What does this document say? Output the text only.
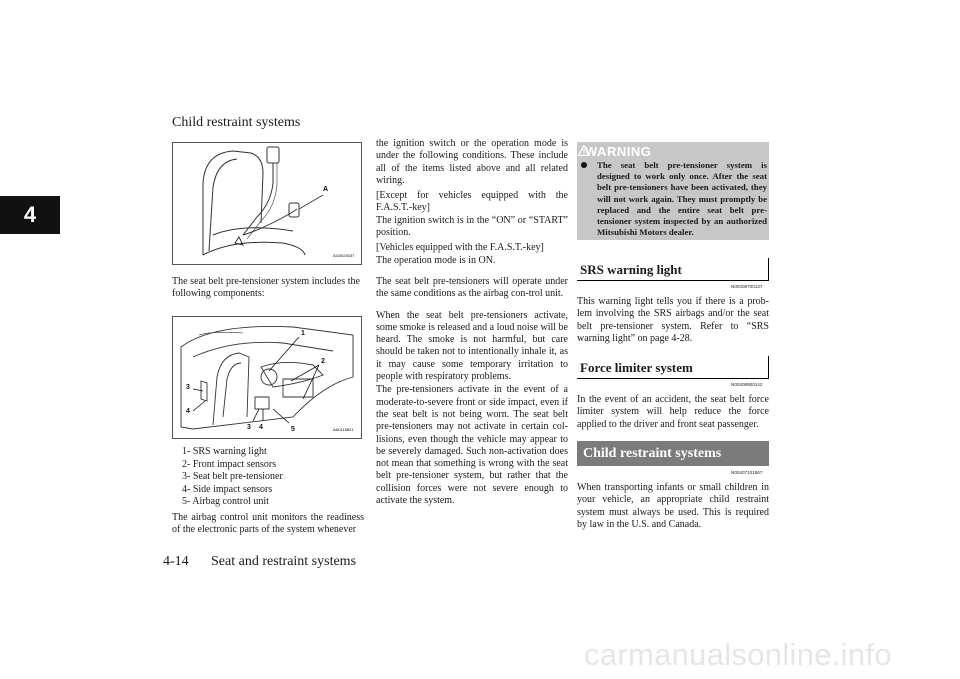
Child restraint systems
4
A
AG0024037
The seat belt pre-tensioner system includes the following components:
1
2
3
4
3 4	5	AA0115821
1- SRS warning light
2- Front impact sensors
3- Seat belt pre-tensioner
4- Side impact sensors
5- Airbag control unit
The airbag control unit monitors the readiness of the electronic parts of the system whenever
the ignition switch or the operation mode is under the following conditions. These include all of the items listed above and all related wiring.
[Except for vehicles equipped with the F.A.S.T.-key]
The ignition switch is in the “ON” or “START” position.
[Vehicles equipped with the F.A.S.T.-key]
The operation mode is in ON.
The seat belt pre-tensioners will operate under the same conditions as the airbag con-trol unit.
When the seat belt pre-tensioners activate, some smoke is released and a loud noise will be heard. The smoke is not harmful, but care should be taken not to intentionally inhale it, as it may cause some temporary irritation to people with respiratory problems.
The pre-tensioners activate in the event of a moderate-to-severe front or side impact, even if the seat belt is not being worn. The seat belt pre-tensioners may not activate in certain col-lisions, even though the vehicle may appear to be severely damaged. Such non-activation does not mean that something is wrong with the seat belt pre-tensioner system, but rather that the collision forces were not severe enough to activate the system.
WARNING
The seat belt pre-tensioner system is designed to work only once. After the seat belt pre-tensioners have been activated, they will not work again. They must promptly be replaced and the entire seat belt pre-tensioner system inspected by an authorized Mitsubishi Motors dealer.
SRS warning light
N00408700137
This warning light tells you if there is a prob-lem involving the SRS airbags and/or the seat belt pre-tensioner system. Refer to “SRS warning light” on page 4-28.
Force limiter system
N00408900142
In the event of an accident, the seat belt force limiter system will help reduce the force applied to the driver and front seat passenger.
Child restraint systems
N00407101867
When transporting infants or small children in your vehicle, an appropriate child restraint system must always be used. This is required by law in the U.S. and Canada.
4-14 Seat and restraint systems
carmanualsonline.info
